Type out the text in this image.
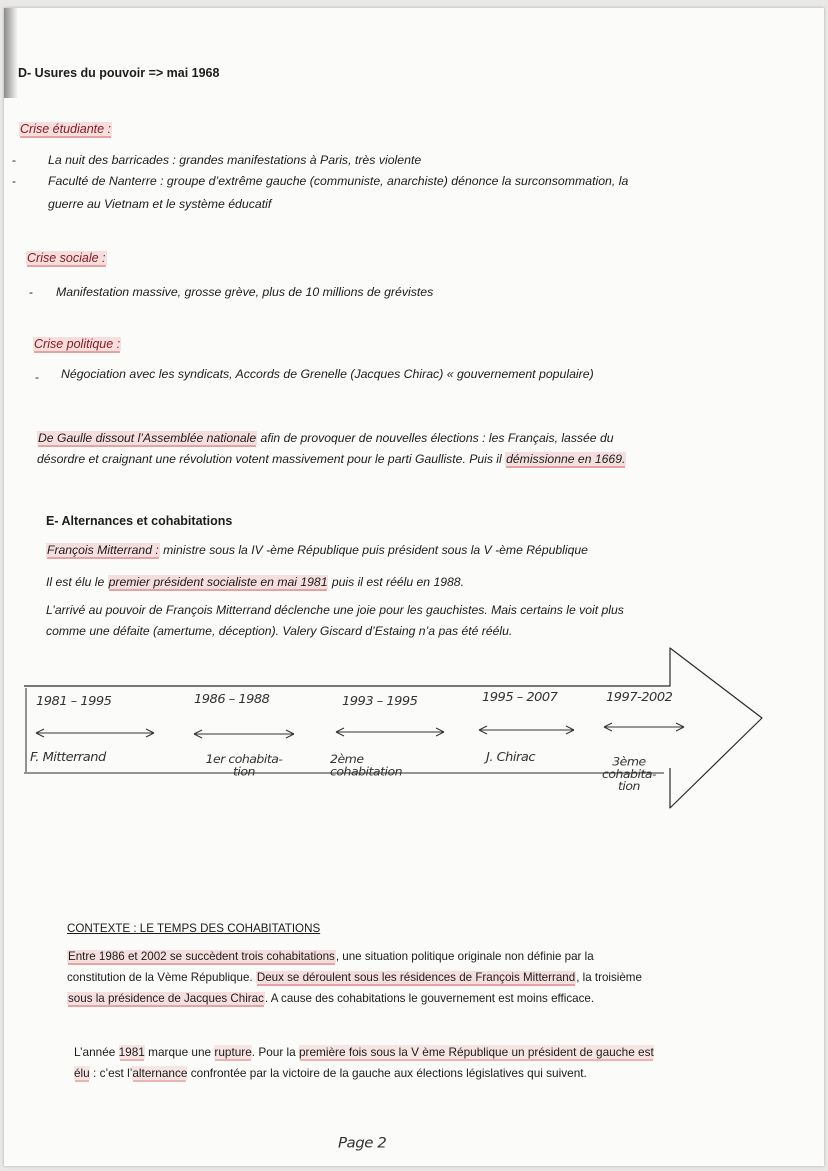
D- Usures du pouvoir => mai 1968
Crise étudiante :
-	La nuit des barricades : grandes manifestations à Paris, très violente
-	Faculté de Nanterre : groupe d’extrême gauche (communiste, anarchiste) dénonce la surconsommation, la
guerre au Vietnam et le système éducatif
Crise sociale :
- Manifestation massive, grosse grève, plus de 10 millions de grévistes
Crise politique :
- Négociation avec les syndicats, Accords de Grenelle (Jacques Chirac) « gouvernement populaire)
De Gaulle dissout l’Assemblée nationale afin de provoquer de nouvelles élections : les Français, lassée du
désordre et craignant une révolution votent massivement pour le parti Gaulliste. Puis il démissionne en 1669.
E- Alternances et cohabitations
François Mitterrand : ministre sous la IV -ème République puis président sous la V -ème République
Il est élu le premier président socialiste en mai 1981 puis il est réélu en 1988.
L’arrivé au pouvoir de François Mitterrand déclenche une joie pour les gauchistes. Mais certains le voit plus
comme une défaite (amertume, déception). Valery Giscard d’Estaing n’a pas été réélu.
1981 – 1995	1986 – 1988	1993 – 1995	1995 – 2007	1997-2002
F. Mitterrand	1er cohabita-
tion
2ème
cohabitation
J. Chirac	3ème
cohabita-
tion
CONTEXTE : LE TEMPS DES COHABITATIONS
Entre 1986 et 2002 se succèdent trois cohabitations, une situation politique originale non définie par la
constitution de la Vème République. Deux se déroulent sous les résidences de François Mitterrand, la troisième
sous la présidence de Jacques Chirac. A cause des cohabitations le gouvernement est moins efficace.
L’année 1981 marque une rupture. Pour la première fois sous la V ème République un président de gauche est
élu : c’est l’alternance confrontée par la victoire de la gauche aux élections législatives qui suivent.
Page 2
